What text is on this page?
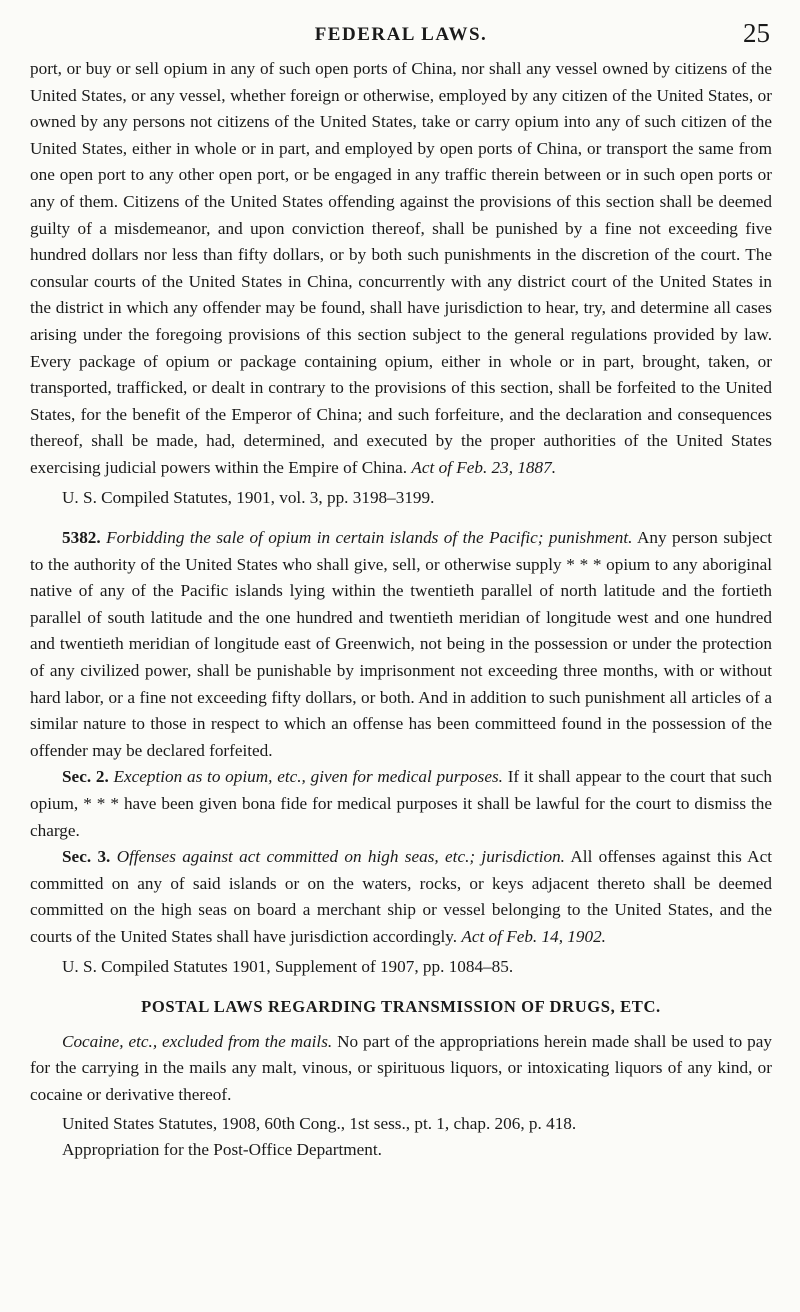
FEDERAL LAWS.	25

port, or buy or sell opium in any of such open ports of China, nor shall any vessel owned by citizens of the United States, or any vessel, whether foreign or otherwise, employed by any citizen of the United States, or owned by any persons not citizens of the United States, take or carry opium into any of such citizen of the United States, either in whole or in part, and employed by open ports of China, or transport the same from one open port to any other open port, or be engaged in any traffic therein between or in such open ports or any of them. Citizens of the United States offending against the provisions of this section shall be deemed guilty of a misdemeanor, and upon conviction thereof, shall be punished by a fine not exceeding five hundred dollars nor less than fifty dollars, or by both such punishments in the discretion of the court. The consular courts of the United States in China, concurrently with any district court of the United States in the district in which any offender may be found, shall have jurisdiction to hear, try, and determine all cases arising under the foregoing provisions of this section subject to the general regulations provided by law. Every package of opium or package containing opium, either in whole or in part, brought, taken, or transported, trafficked, or dealt in contrary to the provisions of this section, shall be forfeited to the United States, for the benefit of the Emperor of China; and such forfeiture, and the declaration and consequences thereof, shall be made, had, determined, and executed by the proper authorities of the United States exercising judicial powers within the Empire of China. Act of Feb. 23, 1887.

U. S. Compiled Statutes, 1901, vol. 3, pp. 3198–3199.

5382. Forbidding the sale of opium in certain islands of the Pacific; punishment. Any person subject to the authority of the United States who shall give, sell, or otherwise supply * * * opium to any aboriginal native of any of the Pacific islands lying within the twentieth parallel of north latitude and the fortieth parallel of south latitude and the one hundred and twentieth meridian of longitude west and one hundred and twentieth meridian of longitude east of Greenwich, not being in the possession or under the protection of any civilized power, shall be punishable by imprisonment not exceeding three months, with or without hard labor, or a fine not exceeding fifty dollars, or both. And in addition to such punishment all articles of a similar nature to those in respect to which an offense has been committeed found in the possession of the offender may be declared forfeited.

Sec. 2. Exception as to opium, etc., given for medical purposes. If it shall appear to the court that such opium, * * * have been given bona fide for medical purposes it shall be lawful for the court to dismiss the charge.

Sec. 3. Offenses against act committed on high seas, etc.; jurisdiction. All offenses against this Act committed on any of said islands or on the waters, rocks, or keys adjacent thereto shall be deemed committed on the high seas on board a merchant ship or vessel belonging to the United States, and the courts of the United States shall have jurisdiction accordingly. Act of Feb. 14, 1902.

U. S. Compiled Statutes 1901, Supplement of 1907, pp. 1084–85.

POSTAL LAWS REGARDING TRANSMISSION OF DRUGS, ETC.

Cocaine, etc., excluded from the mails. No part of the appropriations herein made shall be used to pay for the carrying in the mails any malt, vinous, or spirituous liquors, or intoxicating liquors of any kind, or cocaine or derivative thereof.

United States Statutes, 1908, 60th Cong., 1st sess., pt. 1, chap. 206, p. 418.

Appropriation for the Post-Office Department.
